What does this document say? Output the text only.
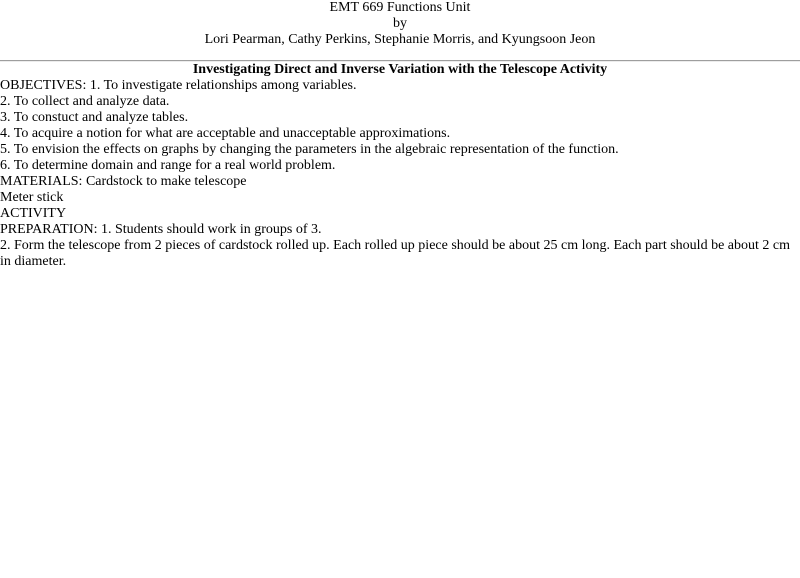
EMT 669 Functions Unit

by

Lori Pearman, Cathy Perkins, Stephanie Morris, and Kyungsoon Jeon

Investigating Direct and Inverse Variation with the Telescope Activity

OBJECTIVES: 1. To investigate relationships among variables.

2. To collect and analyze data.

3. To constuct and analyze tables.

4. To acquire a notion for what are acceptable and unacceptable approximations.

5. To envision the effects on graphs by changing the parameters in the algebraic representation of the function.

6. To determine domain and range for a real world problem.

MATERIALS: Cardstock to make telescope

Meter stick

ACTIVITY

PREPARATION: 1. Students should work in groups of 3.

2. Form the telescope from 2 pieces of cardstock rolled up. Each rolled up piece should be about 25 cm long. Each part should be about 2 cm in diameter.
